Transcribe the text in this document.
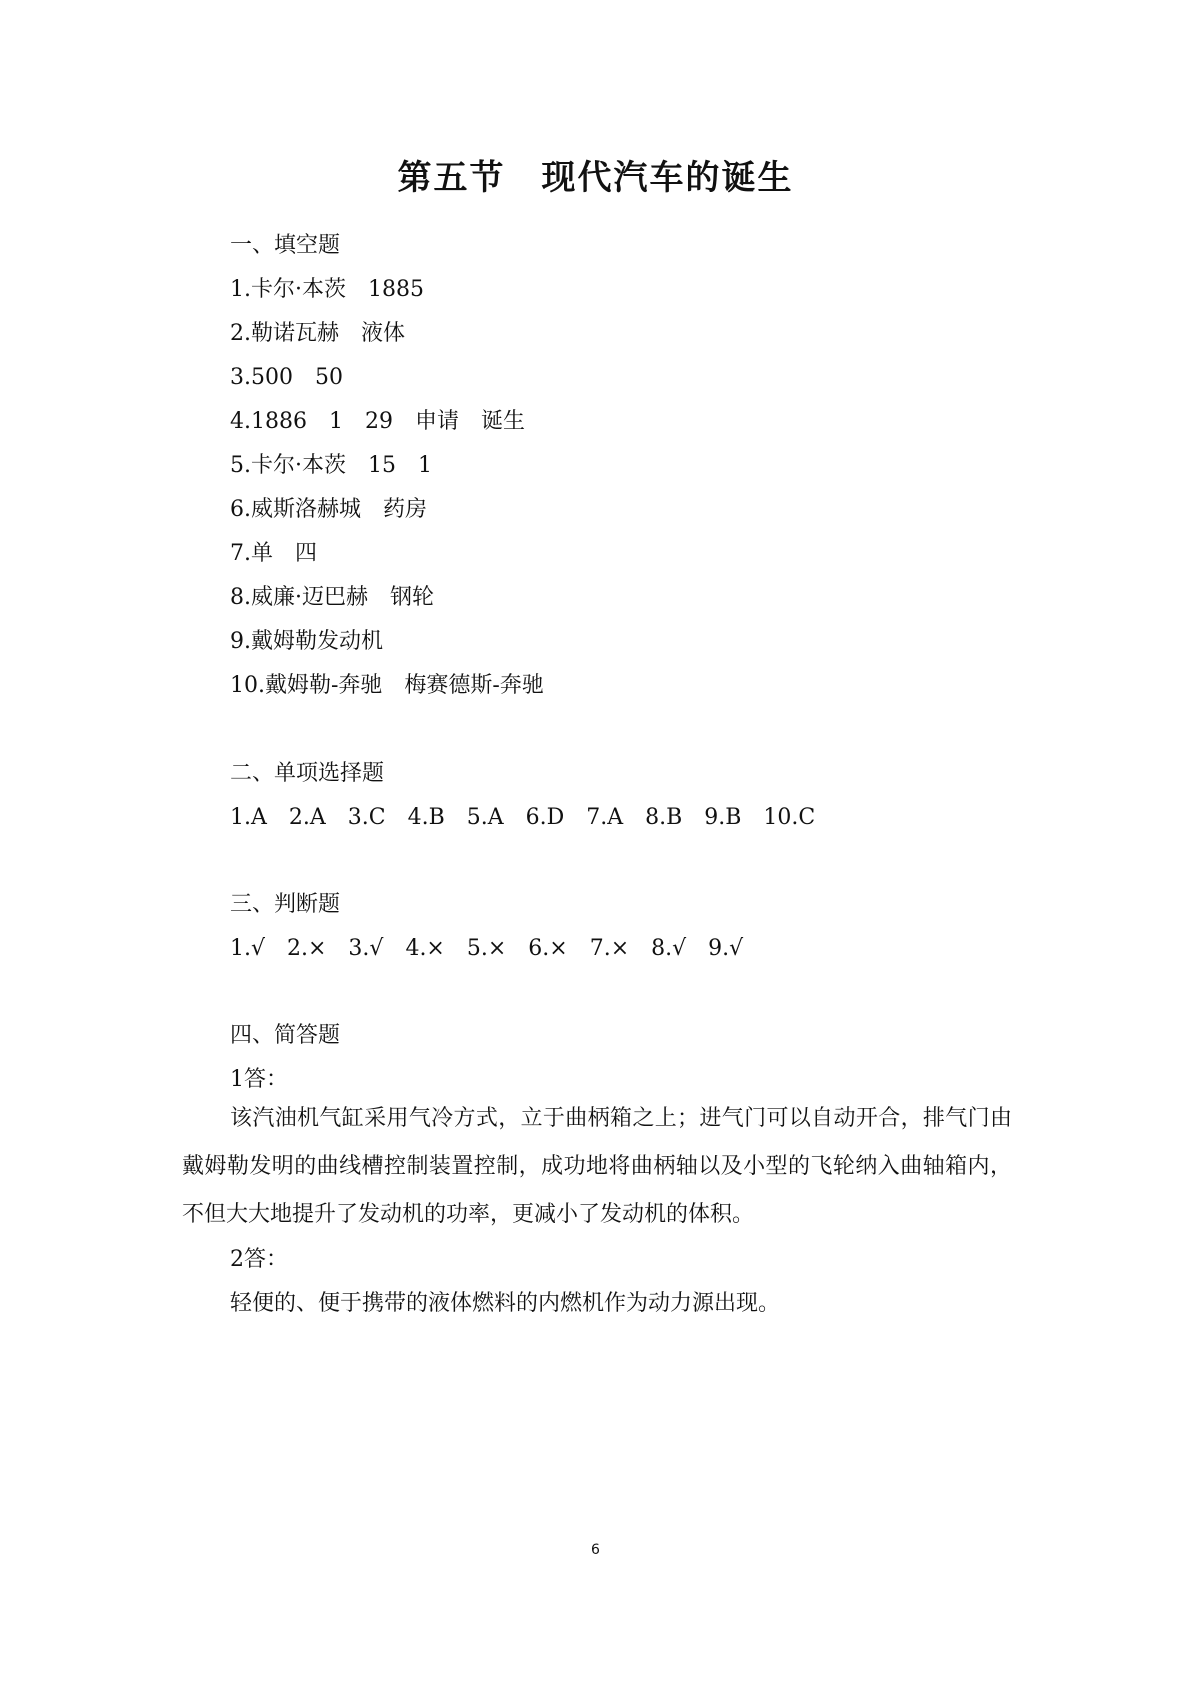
第五节　现代汽车的诞生
一、填空题
1.卡尔·本茨　1885
2.勒诺瓦赫　液体
3.500　50
4.1886　1　29　申请　诞生
5.卡尔·本茨　15　1
6.威斯洛赫城　药房
7.单　四
8.威廉·迈巴赫　钢轮
9.戴姆勒发动机
10.戴姆勒-奔驰　梅赛德斯-奔驰
二、单项选择题
1.A　2.A　3.C　4.B　5.A　6.D　7.A　8.B　9.B　10.C
三、判断题
1.√　2.×　3.√　4.×　5.×　6.×　7.×　8.√　9.√
四、简答题
1答：
该汽油机气缸采用气冷方式，立于曲柄箱之上；进气门可以自动开合，排气门由戴姆勒发明的曲线槽控制装置控制，成功地将曲柄轴以及小型的飞轮纳入曲轴箱内，不但大大地提升了发动机的功率，更减小了发动机的体积。
2答：
轻便的、便于携带的液体燃料的内燃机作为动力源出现。
6
